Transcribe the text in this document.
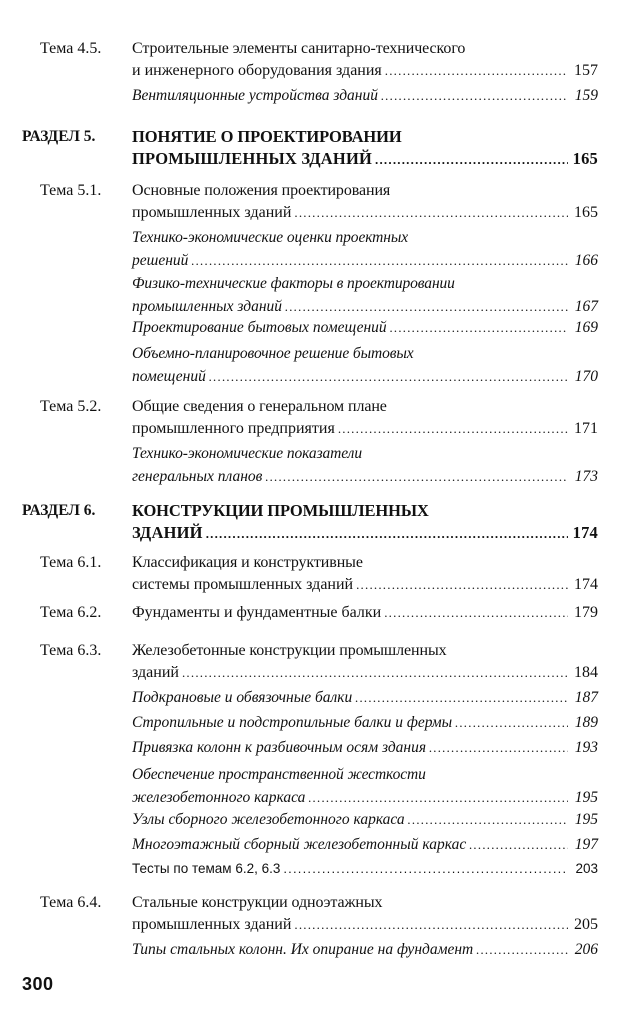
Тема 4.5.	Строительные элементы санитарно-технического
и инженерного оборудования здания .....	157
Вентиляционные устройства зданий .....	159
РАЗДЕЛ 5.	ПОНЯТИЕ О ПРОЕКТИРОВАНИИ
ПРОМЫШЛЕННЫХ ЗДАНИЙ .....	165
Тема 5.1.	Основные положения проектирования
промышленных зданий .....	165
Технико-экономические оценки проектных
решений .....	166
Физико-технические факторы в проектировании
промышленных зданий .....	167
Проектирование бытовых помещений .....	169
Объемно-планировочное решение бытовых
помещений .....	170
Тема 5.2.	Общие сведения о генеральном плане
промышленного предприятия .....	171
Технико-экономические показатели
генеральных планов .....	173
РАЗДЕЛ 6.	КОНСТРУКЦИИ ПРОМЫШЛЕННЫХ
ЗДАНИЙ .....	174
Тема 6.1.	Классификация и конструктивные
системы промышленных зданий .....	174
Тема 6.2.	Фундаменты и фундаментные балки .....	179
Тема 6.3.	Железобетонные конструкции промышленных
зданий .....	184
Подкрановые и обвязочные балки .....	187
Стропильные и подстропильные балки и фермы .....	189
Привязка колонн к разбивочным осям здания .....	193
Обеспечение пространственной жесткости
железобетонного каркаса .....	195
Узлы сборного железобетонного каркаса .....	195
Многоэтажный сборный железобетонный каркас .....	197
Тесты по темам 6.2, 6.3 .....	203
Тема 6.4.	Стальные конструкции одноэтажных
промышленных зданий .....	205
Типы стальных колонн. Их опирание на фундамент .....	206
300
